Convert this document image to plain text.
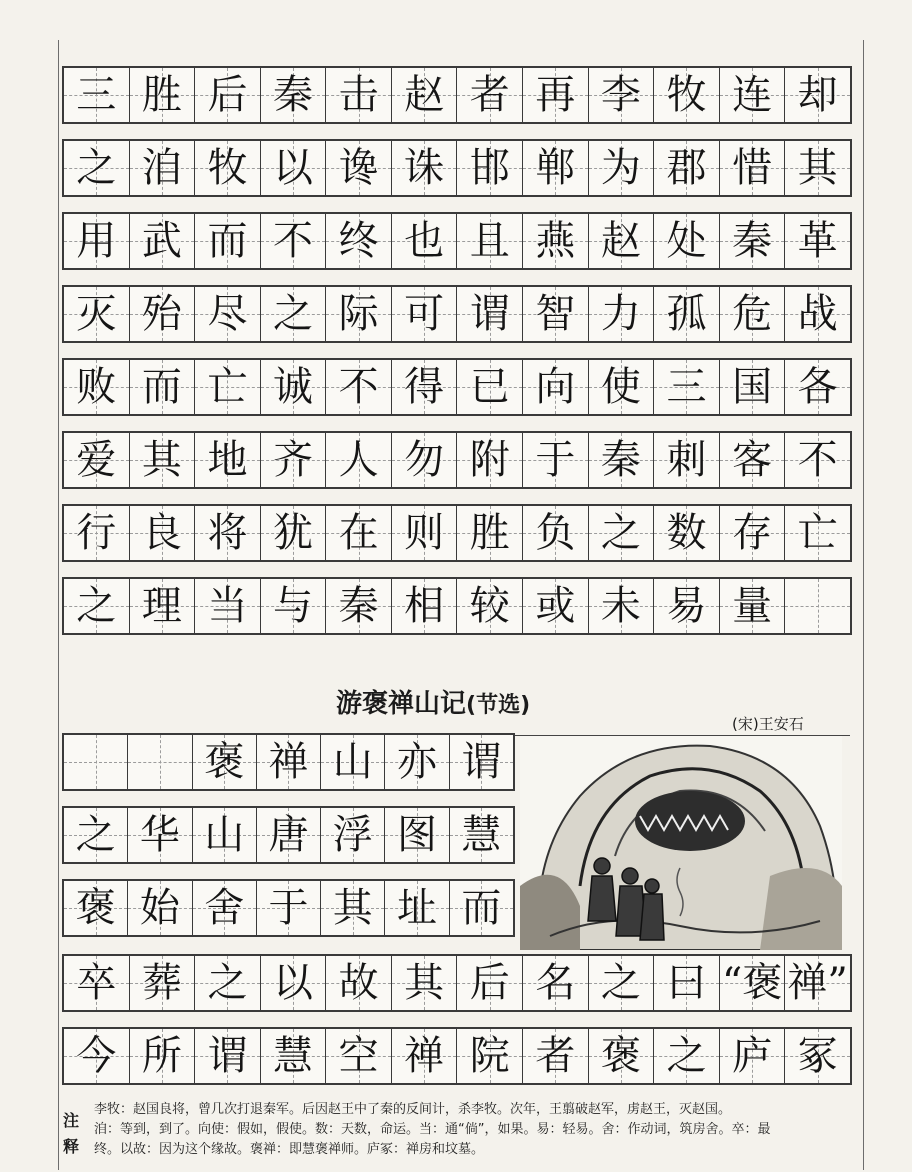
三 胜 后 秦 击 赵 者 再 李 牧 连 却
之 洎 牧 以 谗 诛 邯 郸 为 郡 惜 其
用 武 而 不 终 也 且 燕 赵 处 秦 革
灭 殆 尽 之 际 可 谓 智 力 孤 危 战
败 而 亡 诚 不 得 已 向 使 三 国 各
爱 其 地 齐 人 勿 附 于 秦 刺 客 不
行 良 将 犹 在 则 胜 负 之 数 存 亡
之 理 当 与 秦 相 较 或 未 易 量
游褒禅山记(节选)
(宋)王安石
褒 禅 山 亦 谓
之 华 山 唐 浮 图 慧
褒 始 舍 于 其 址 而
卒 葬 之 以 故 其 后 名 之 曰 “褒 禅”
今 所 谓 慧 空 禅 院 者 褒 之 庐 冢
注
释

李牧：赵国良将，曾几次打退秦军。后因赵王中了秦的反间计，杀李牧。次年，王翦破赵军，虏赵王，灭赵国。

洎：等到，到了。向使：假如，假使。数：天数，命运。当：通“倘”，如果。易：轻易。舍：作动词，筑房舍。卒：最

终。以故：因为这个缘故。褒禅：即慧褒禅师。庐冢：禅房和坟墓。
